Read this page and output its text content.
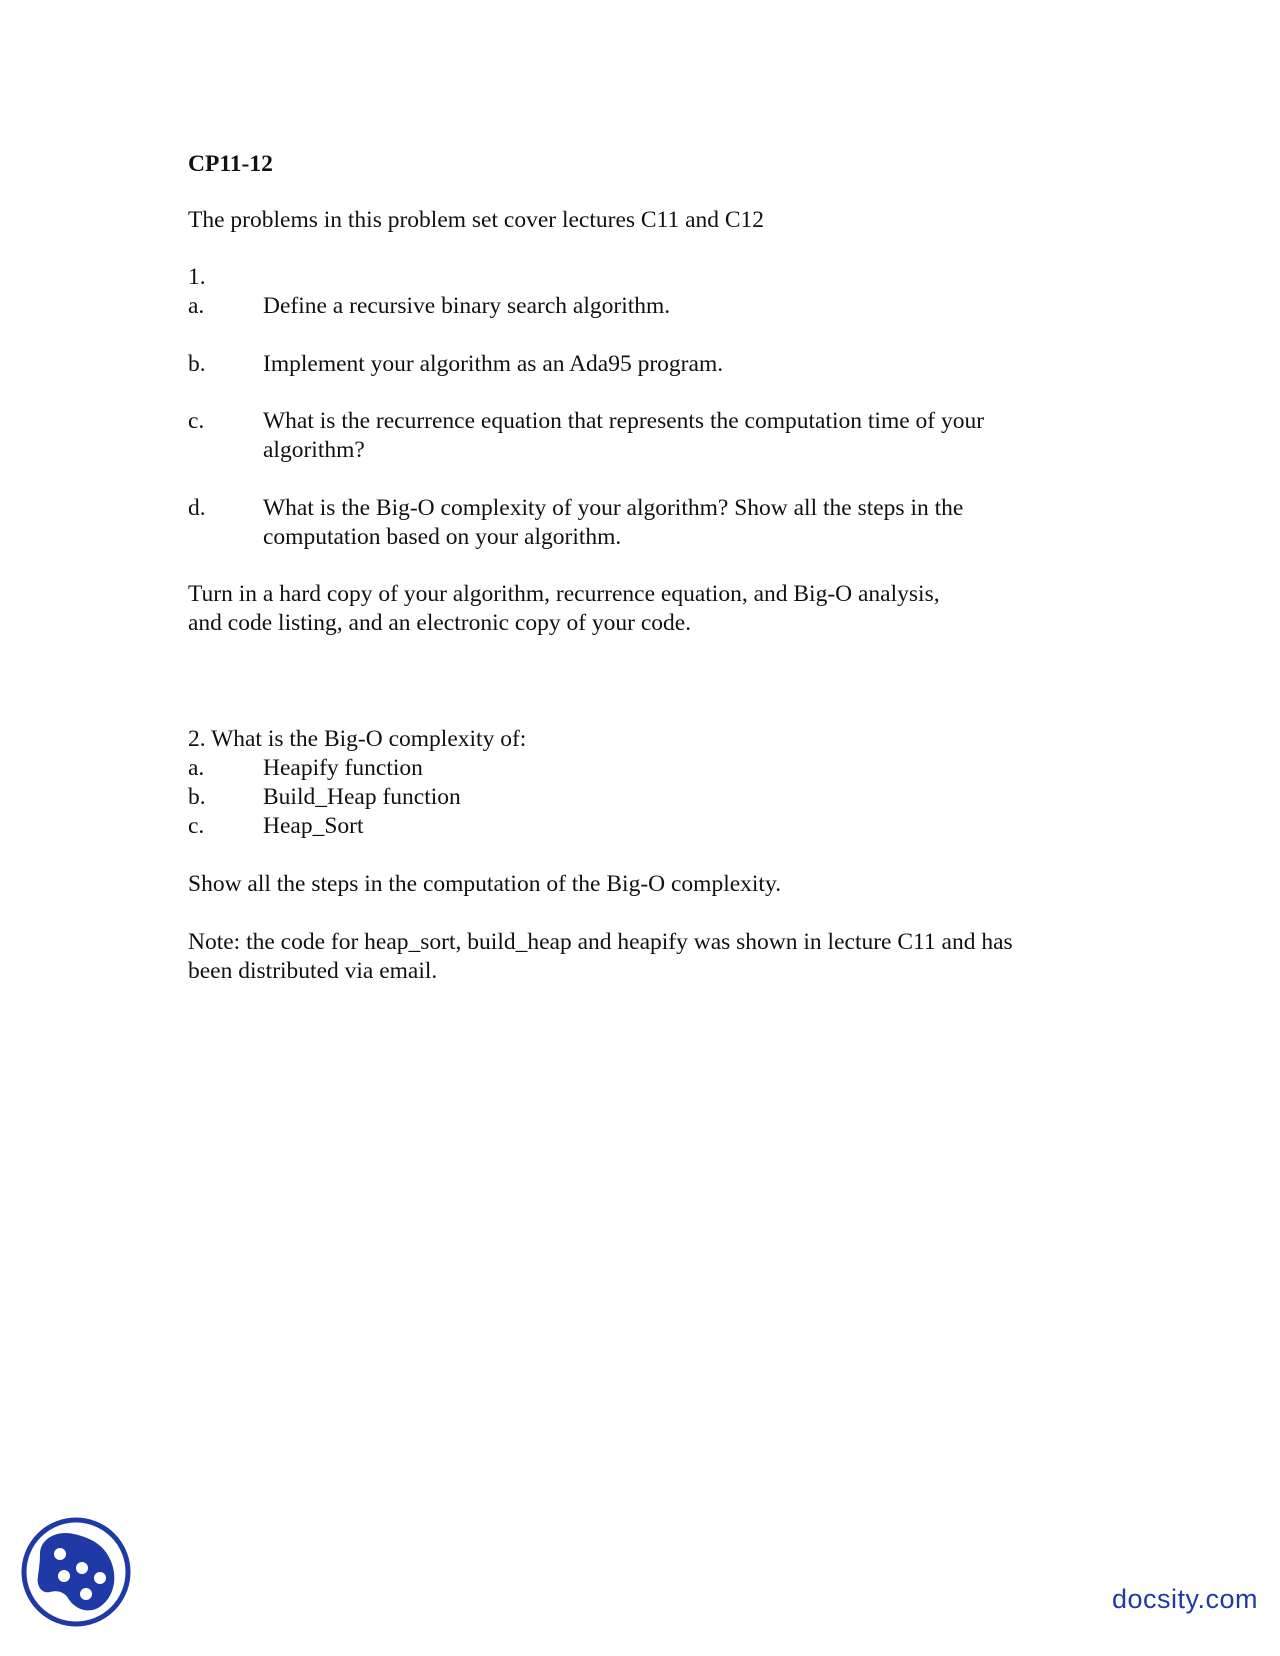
CP11-12
The problems in this problem set cover lectures C11 and C12
1.
a. Define a recursive binary search algorithm.
b. Implement your algorithm as an Ada95 program.
c. What is the recurrence equation that represents the computation time of your
algorithm?
d. What is the Big-O complexity of your algorithm? Show all the steps in the
computation based on your algorithm.
Turn in a hard copy of your algorithm, recurrence equation, and Big-O analysis,
and code listing, and an electronic copy of your code.
2. What is the Big-O complexity of:
a. Heapify function
b. Build_Heap function
c. Heap_Sort
Show all the steps in the computation of the Big-O complexity.
Note: the code for heap_sort, build_heap and heapify was shown in lecture C11 and has
been distributed via email.
docsity.com
